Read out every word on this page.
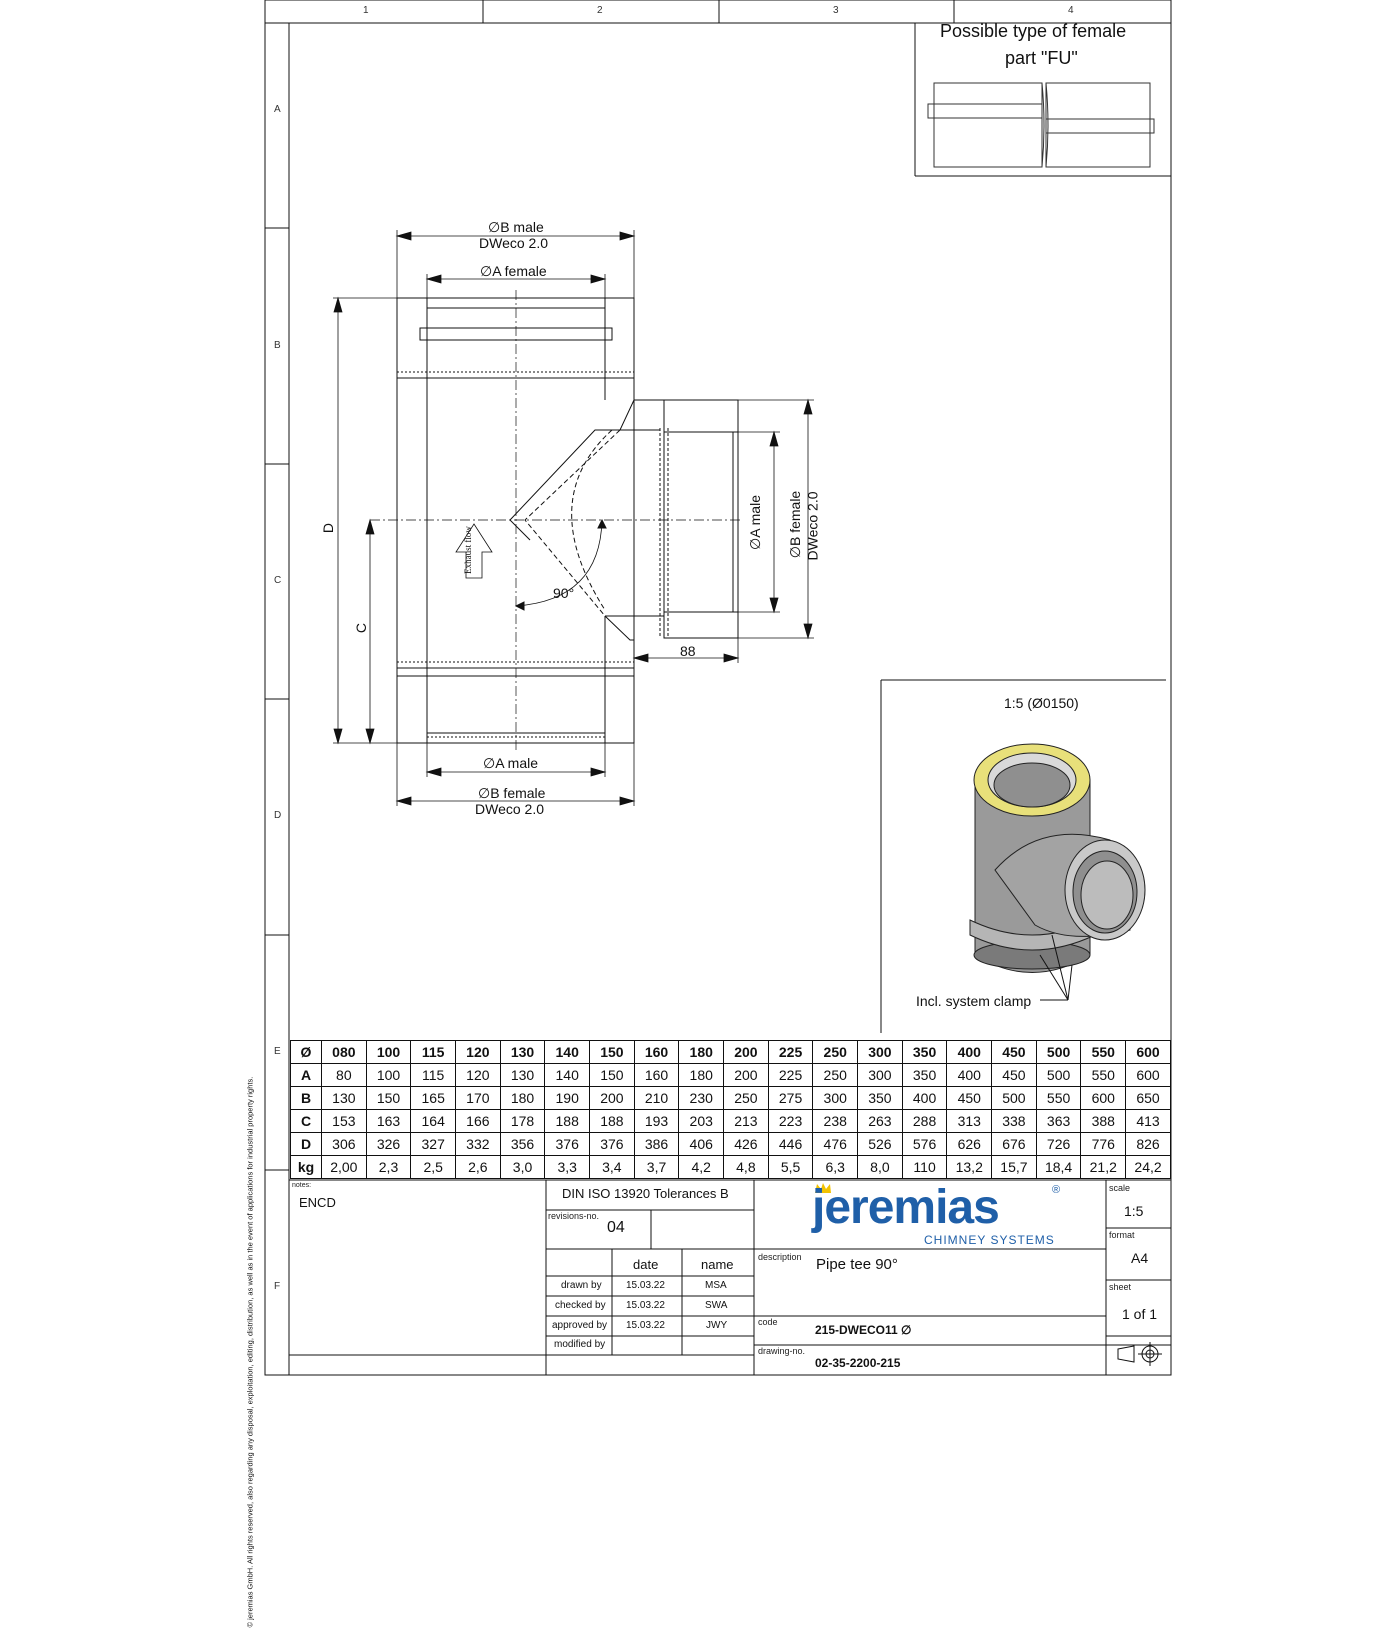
1	2	3	4
A
B
C
D
E
F
Possible type of female
part "FU"
∅B male
DWeco 2.0
∅A female
∅A male
∅B female
DWeco 2.0
D
C
∅A male ∅B female DWeco 2.0
88
90°
Exhaust flow
1:5 (Ø0150)
Incl. system clamp
Ø	080	100	115	120	130	140	150	160	180	200	225	250	300	350	400	450	500	550	600
A	80	100	115	120	130	140	150	160	180	200	225	250	300	350	400	450	500	550	600
B	130	150	165	170	180	190	200	210	230	250	275	300	350	400	450	500	550	600	650
C	153	163	164	166	178	188	188	193	203	213	223	238	263	288	313	338	363	388	413
D	306	326	327	332	356	376	376	386	406	426	446	476	526	576	626	676	726	776	826
kg	2,00	2,3	2,5	2,6	3,0	3,3	3,4	3,7	4,2	4,8	5,5	6,3	8,0	110	13,2	15,7	18,4	21,2	24,2
notes:
ENCD
DIN ISO 13920 Tolerances B
revisions-no.
04
date	name
drawn by 15.03.22	MSA
checked by 15.03.22	SWA
approved by 15.03.22	JWY
modified by
jeremias	®
CHIMNEY SYSTEMS
description Pipe tee 90°
code
215-DWECO11 ∅
drawing-no.
02-35-2200-215
scale
1:5
format
A4
sheet
1 of 1
© jeremias GmbH. All rights reserved, also regarding any disposal, exploitation, editing, distribution, as well as in the event of applications for industrial property rights.
